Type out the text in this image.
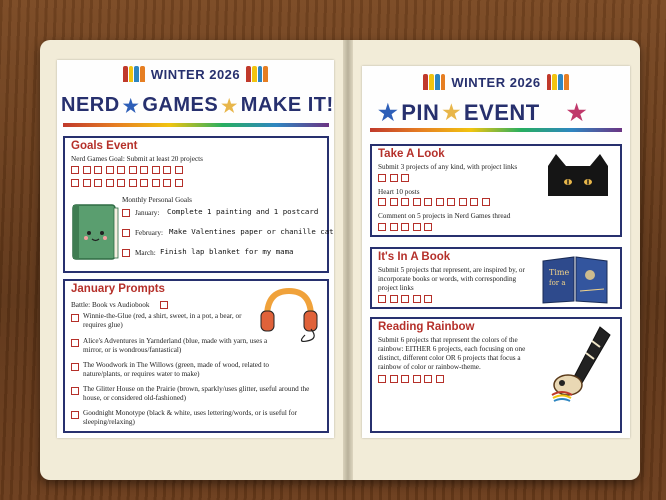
WINTER 2026
NERD ★ GAMES ★ MAKE IT!
Goals Event
Nerd Games Goal: Submit at least 20 projects

Monthly Personal Goals
January: Complete 1 painting and 1 postcard
February: Make Valentines paper or chanille cat
March: Finish lap blanket for my mama
January Prompts
Battle: Book vs Audiobook
Winnie-the-Glue (red, a shirt, sweet, in a pot, a bear, or requires glue)
Alice's Adventures in Yarnderland (blue, made with yarn, uses a mirror, or is wondrous/fantastical)
The Woodwork in The Willows (green, made of wood, related to nature/plants, or requires water to make)
The Glitter House on the Prairie (brown, sparkly/uses glitter, useful around the house, or considered old-fashioned)
Goodnight Monotype (black & white, uses lettering/words, or is useful for sleeping/relaxing)
WINTER 2026
★ PIN ★ EVENT ★
Take A Look
Submit 3 projects of any kind, with project links
Heart 10 posts
Comment on 5 projects in Nerd Games thread
It's In A Book
Submit 5 projects that represent, are inspired by, or incorporate books or words, with corresponding project links
Time
for a
Reading Rainbow
Submit 6 projects that represent the colors of the rainbow: EITHER 6 projects, each focusing on one distinct, different color OR 6 projects that focus a rainbow of color or rainbow-theme.
